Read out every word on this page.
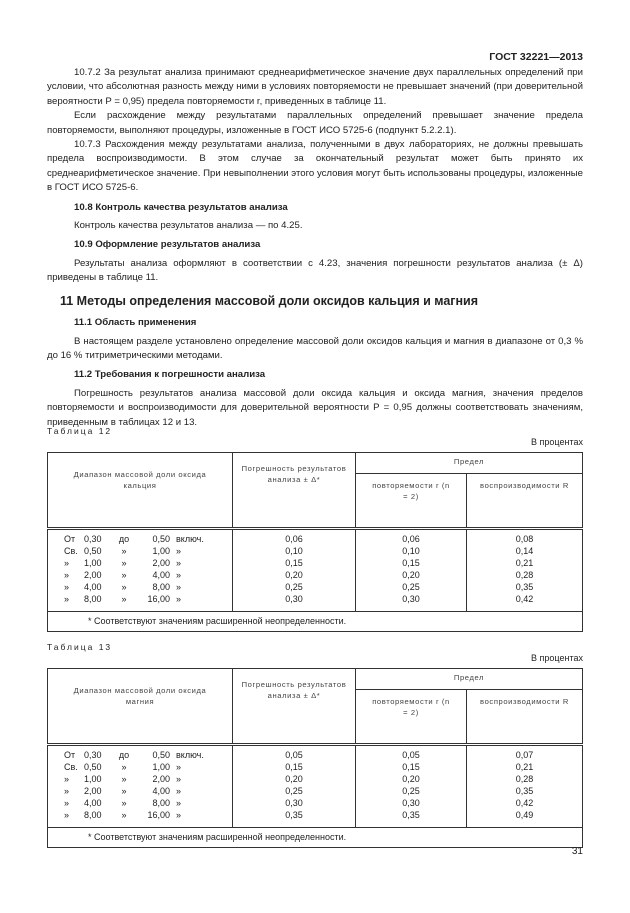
ГОСТ 32221—2013

10.7.2 За результат анализа принимают среднеарифметическое значение двух параллельных определений при условии, что абсолютная разность между ними в условиях повторяемости не превышает значений (при доверительной вероятности P = 0,95) предела повторяемости r, приведенных в таблице 11.

Если расхождение между результатами параллельных определений превышает значение предела повторяемости, выполняют процедуры, изложенные в ГОСТ ИСО 5725-6 (подпункт 5.2.2.1).

10.7.3 Расхождения между результатами анализа, полученными в двух лабораториях, не должны превышать предела воспроизводимости. В этом случае за окончательный результат может быть принято их среднеарифметическое значение. При невыполнении этого условия могут быть использованы процедуры, изложенные в ГОСТ ИСО 5725-6.

10.8 Контроль качества результатов анализа

Контроль качества результатов анализа — по 4.25.

10.9 Оформление результатов анализа

Результаты анализа оформляют в соответствии с 4.23, значения погрешности результатов анализа (± Δ) приведены в таблице 11.

11 Методы определения массовой доли оксидов кальция и магния
11.1 Область применения

В настоящем разделе установлено определение массовой доли оксидов кальция и магния в диапазоне от 0,3 % до 16 % титриметрическими методами.

11.2 Требования к погрешности анализа

Погрешность результатов анализа массовой доли оксида кальция и оксида магния, значения пределов повторяемости и воспроизводимости для доверительной вероятности P = 0,95 должны соответствовать значениям, приведенным в таблицах 12 и 13.

Таблица 12
В процентах
Диапазон массовой доли оксида кальция	Погрешность результатов анализа ± Δ*	Предел	
		повторяемости r (n = 2)	воспроизводимости R
От 0,30 до 0,50 включ.	0,06	0,06	0,08
Св. 0,50 » 1,00 »	0,10	0,10	0,14
» 1,00 » 2,00 »	0,15	0,15	0,21
» 2,00 » 4,00 »	0,20	0,20	0,28
» 4,00 » 8,00 »	0,25	0,25	0,35
» 8,00 » 16,00 »	0,30	0,30	0,42
* Соответствуют значениям расширенной неопределенности.			
Таблица 13
В процентах
Диапазон массовой доли оксида магния	Погрешность результатов анализа ± Δ*	Предел	
		повторяемости r (n = 2)	воспроизводимости R
От 0,30 до 0,50 включ.	0,05	0,05	0,07
Св. 0,50 » 1,00 »	0,15	0,15	0,21
» 1,00 » 2,00 »	0,20	0,20	0,28
» 2,00 » 4,00 »	0,25	0,25	0,35
» 4,00 » 8,00 »	0,30	0,30	0,42
» 8,00 » 16,00 »	0,35	0,35	0,49
* Соответствуют значениям расширенной неопределенности.			
31
